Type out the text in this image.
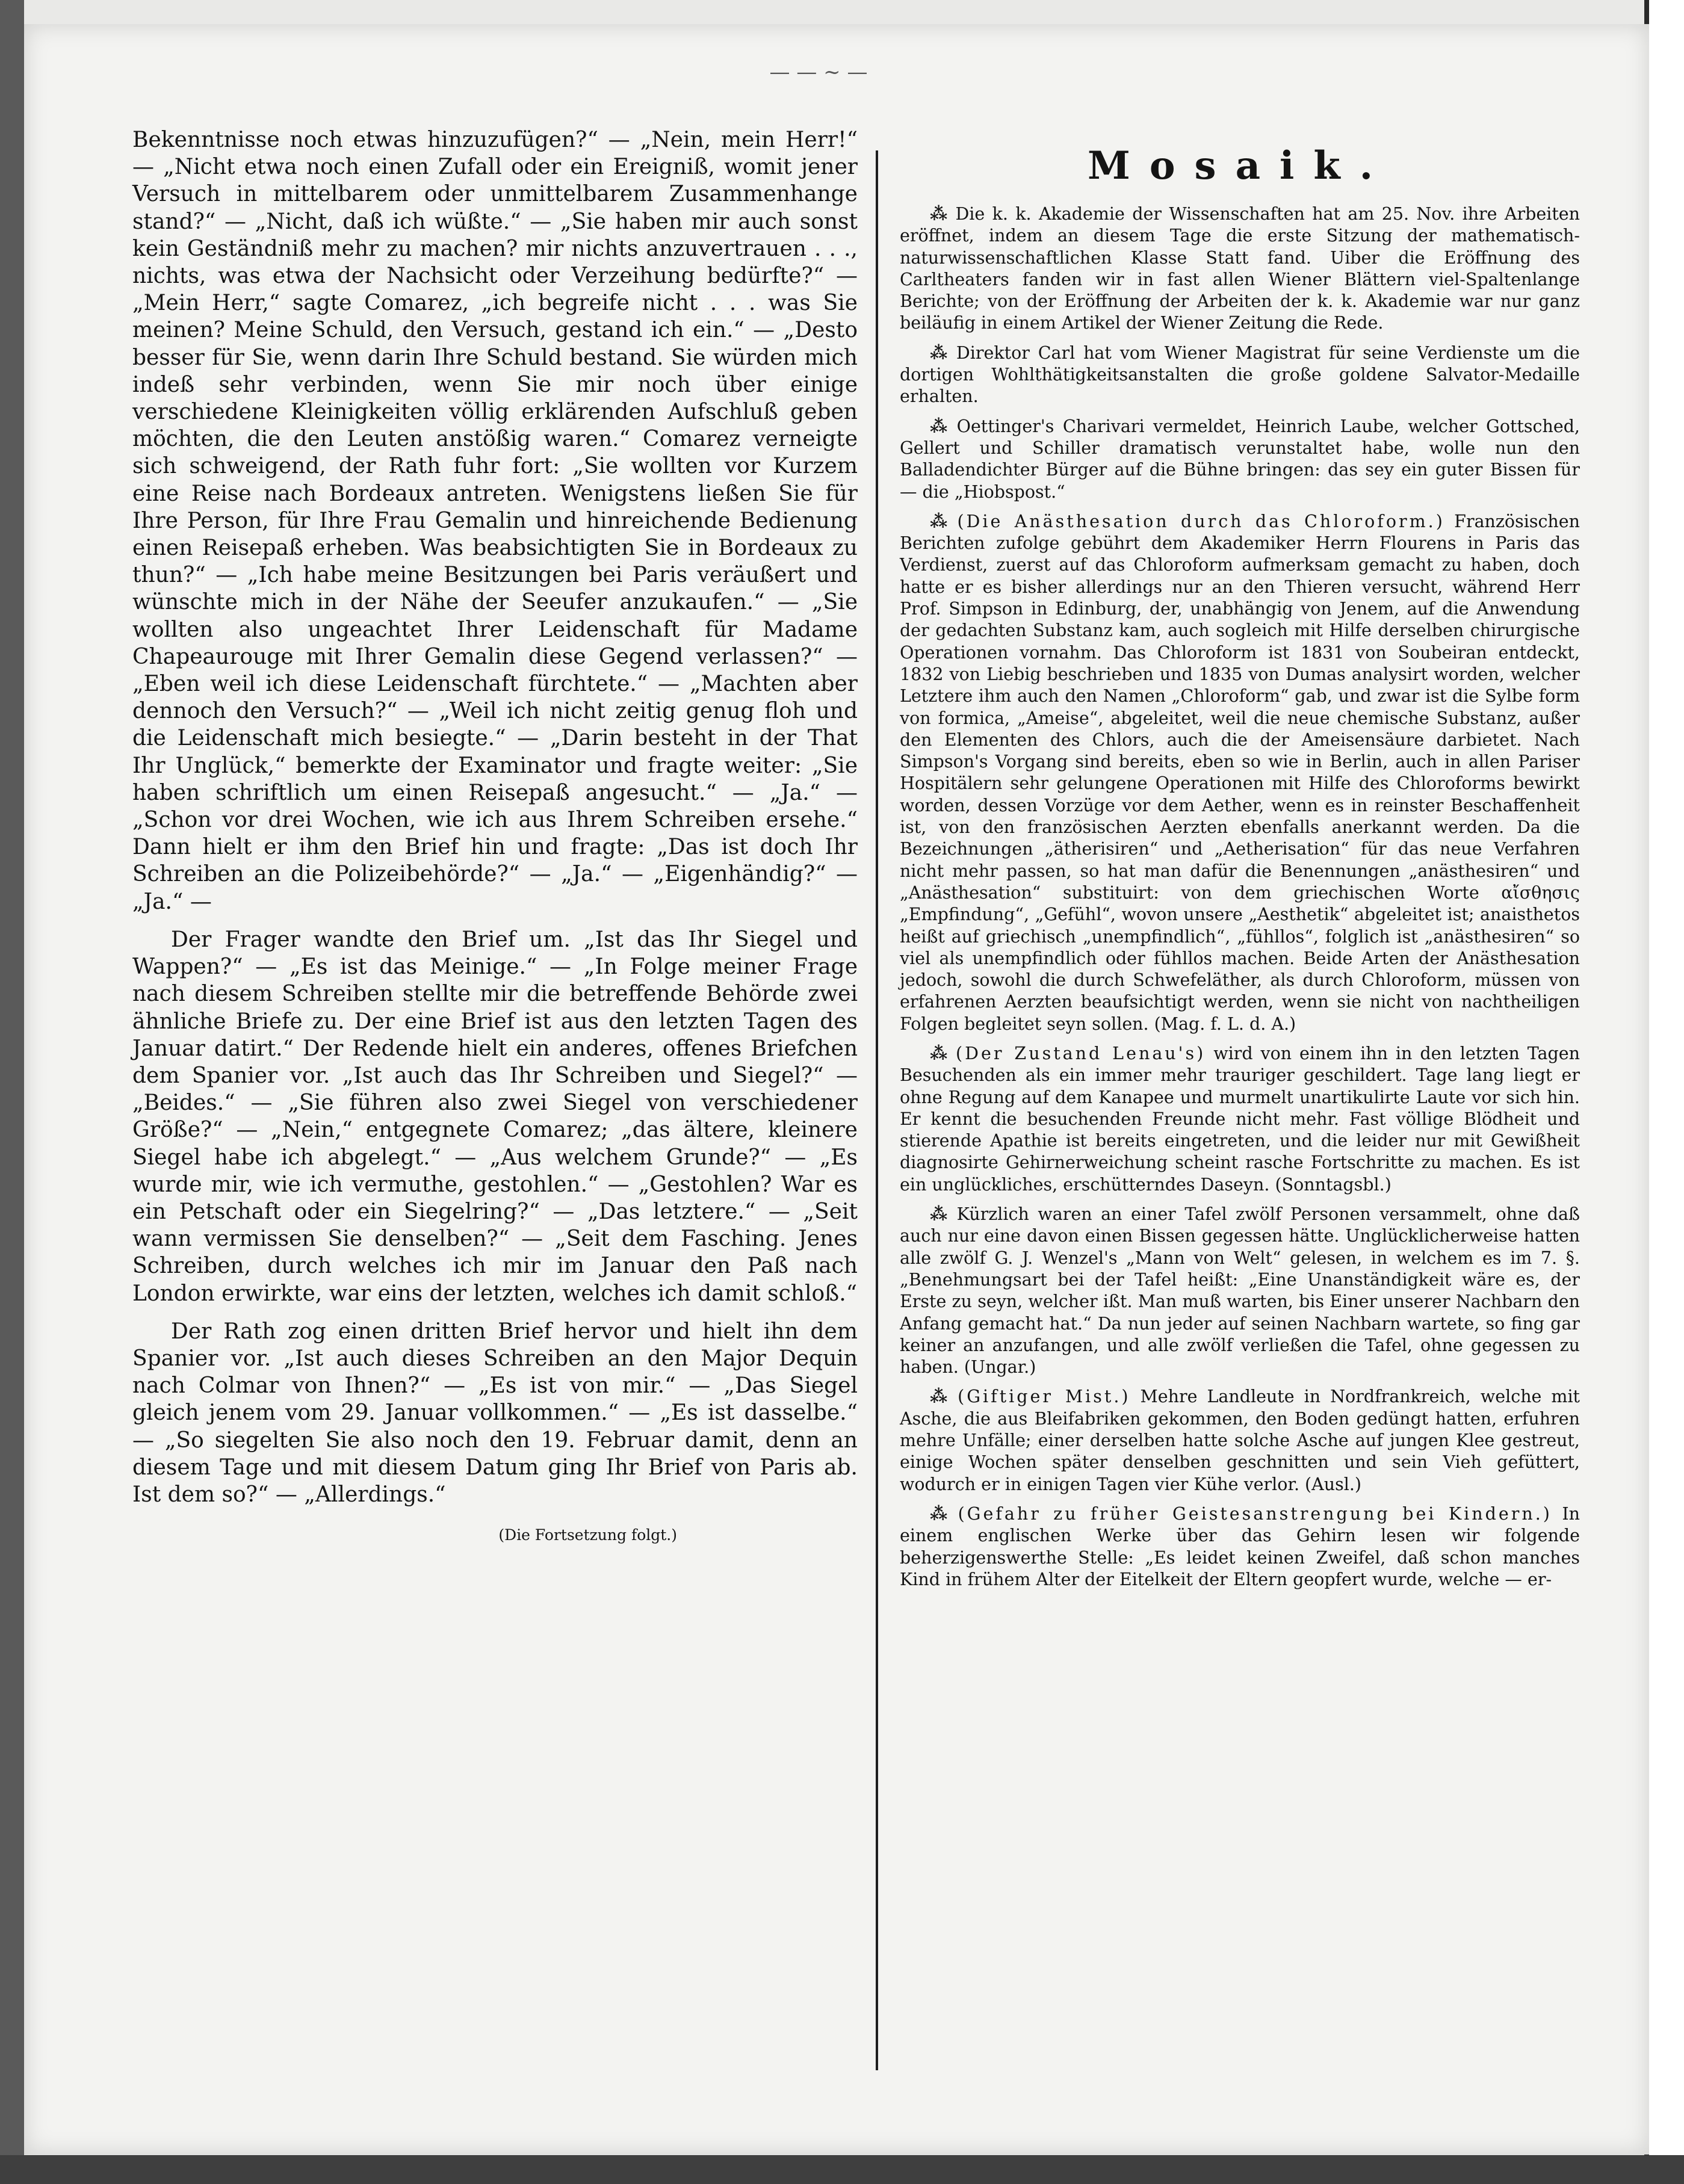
— — ~ —

Bekenntnisse noch etwas hinzuzufügen?“ — „Nein, mein Herr!“ — „Nicht etwa noch einen Zufall oder ein Ereigniß, womit jener Versuch in mittelbarem oder unmittelbarem Zusammenhange stand?“ — „Nicht, daß ich wüßte.“ — „Sie haben mir auch sonst kein Geständniß mehr zu machen? mir nichts anzuvertrauen . . ., nichts, was etwa der Nachsicht oder Verzeihung bedürfte?“ — „Mein Herr,“ sagte Comarez, „ich begreife nicht . . . was Sie meinen? Meine Schuld, den Versuch, gestand ich ein.“ — „Desto besser für Sie, wenn darin Ihre Schuld bestand. Sie würden mich indeß sehr verbinden, wenn Sie mir noch über einige verschiedene Kleinigkeiten völlig erklärenden Aufschluß geben möchten, die den Leuten anstößig waren.“ Comarez verneigte sich schweigend, der Rath fuhr fort: „Sie wollten vor Kurzem eine Reise nach Bordeaux antreten. Wenigstens ließen Sie für Ihre Person, für Ihre Frau Gemalin und hinreichende Bedienung einen Reisepaß erheben. Was beabsichtigten Sie in Bordeaux zu thun?“ — „Ich habe meine Besitzungen bei Paris veräußert und wünschte mich in der Nähe der Seeufer anzukaufen.“ — „Sie wollten also ungeachtet Ihrer Leidenschaft für Madame Chapeaurouge mit Ihrer Gemalin diese Gegend verlassen?“ — „Eben weil ich diese Leidenschaft fürchtete.“ — „Machten aber dennoch den Versuch?“ — „Weil ich nicht zeitig genug floh und die Leidenschaft mich besiegte.“ — „Darin besteht in der That Ihr Unglück,“ bemerkte der Examinator und fragte weiter: „Sie haben schriftlich um einen Reisepaß angesucht.“ — „Ja.“ — „Schon vor drei Wochen, wie ich aus Ihrem Schreiben ersehe.“ Dann hielt er ihm den Brief hin und fragte: „Das ist doch Ihr Schreiben an die Polizeibehörde?“ — „Ja.“ — „Eigenhändig?“ — „Ja.“ —

Der Frager wandte den Brief um. „Ist das Ihr Siegel und Wappen?“ — „Es ist das Meinige.“ — „In Folge meiner Frage nach diesem Schreiben stellte mir die betreffende Behörde zwei ähnliche Briefe zu. Der eine Brief ist aus den letzten Tagen des Januar datirt.“ Der Redende hielt ein anderes, offenes Briefchen dem Spanier vor. „Ist auch das Ihr Schreiben und Siegel?“ — „Beides.“ — „Sie führen also zwei Siegel von verschiedener Größe?“ — „Nein,“ entgegnete Comarez; „das ältere, kleinere Siegel habe ich abgelegt.“ — „Aus welchem Grunde?“ — „Es wurde mir, wie ich vermuthe, gestohlen.“ — „Gestohlen? War es ein Petschaft oder ein Siegelring?“ — „Das letztere.“ — „Seit wann vermissen Sie denselben?“ — „Seit dem Fasching. Jenes Schreiben, durch welches ich mir im Januar den Paß nach London erwirkte, war eins der letzten, welches ich damit schloß.“

Der Rath zog einen dritten Brief hervor und hielt ihn dem Spanier vor. „Ist auch dieses Schreiben an den Major Dequin nach Colmar von Ihnen?“ — „Es ist von mir.“ — „Das Siegel gleich jenem vom 29. Januar vollkommen.“ — „Es ist dasselbe.“ — „So siegelten Sie also noch den 19. Februar damit, denn an diesem Tage und mit diesem Datum ging Ihr Brief von Paris ab. Ist dem so?“ — „Allerdings.“

(Die Fortsetzung folgt.)
Mosaik.

⁂ Die k. k. Akademie der Wissenschaften hat am 25. Nov. ihre Arbeiten eröffnet, indem an diesem Tage die erste Sitzung der mathematisch-naturwissenschaftlichen Klasse Statt fand. Uiber die Eröffnung des Carltheaters fanden wir in fast allen Wiener Blättern viel-Spaltenlange Berichte; von der Eröffnung der Arbeiten der k. k. Akademie war nur ganz beiläufig in einem Artikel der Wiener Zeitung die Rede.

⁂ Direktor Carl hat vom Wiener Magistrat für seine Verdienste um die dortigen Wohlthätigkeitsanstalten die große goldene Salvator-Medaille erhalten.

⁂ Oettinger's Charivari vermeldet, Heinrich Laube, welcher Gottsched, Gellert und Schiller dramatisch verunstaltet habe, wolle nun den Balladendichter Bürger auf die Bühne bringen: das sey ein guter Bissen für — die „Hiobspost.“

⁂ (Die Anästhesation durch das Chloroform.) Französischen Berichten zufolge gebührt dem Akademiker Herrn Flourens in Paris das Verdienst, zuerst auf das Chloroform aufmerksam gemacht zu haben, doch hatte er es bisher allerdings nur an den Thieren versucht, während Herr Prof. Simpson in Edinburg, der, unabhängig von Jenem, auf die Anwendung der gedachten Substanz kam, auch sogleich mit Hilfe derselben chirurgische Operationen vornahm. Das Chloroform ist 1831 von Soubeiran entdeckt, 1832 von Liebig beschrieben und 1835 von Dumas analysirt worden, welcher Letztere ihm auch den Namen „Chloroform“ gab, und zwar ist die Sylbe form von formica, „Ameise“, abgeleitet, weil die neue chemische Substanz, außer den Elementen des Chlors, auch die der Ameisensäure darbietet. Nach Simpson's Vorgang sind bereits, eben so wie in Berlin, auch in allen Pariser Hospitälern sehr gelungene Operationen mit Hilfe des Chloroforms bewirkt worden, dessen Vorzüge vor dem Aether, wenn es in reinster Beschaffenheit ist, von den französischen Aerzten ebenfalls anerkannt werden. Da die Bezeichnungen „ätherisiren“ und „Aetherisation“ für das neue Verfahren nicht mehr passen, so hat man dafür die Benennungen „anästhesiren“ und „Anästhesation“ substituirt: von dem griechischen Worte αἴσθησις „Empfindung“, „Gefühl“, wovon unsere „Aesthetik“ abgeleitet ist; anaisthetos heißt auf griechisch „unempfindlich“, „fühllos“, folglich ist „anästhesiren“ so viel als unempfindlich oder fühllos machen. Beide Arten der Anästhesation jedoch, sowohl die durch Schwefeläther, als durch Chloroform, müssen von erfahrenen Aerzten beaufsichtigt werden, wenn sie nicht von nachtheiligen Folgen begleitet seyn sollen. (Mag. f. L. d. A.)

⁂ (Der Zustand Lenau's) wird von einem ihn in den letzten Tagen Besuchenden als ein immer mehr trauriger geschildert. Tage lang liegt er ohne Regung auf dem Kanapee und murmelt unartikulirte Laute vor sich hin. Er kennt die besuchenden Freunde nicht mehr. Fast völlige Blödheit und stierende Apathie ist bereits eingetreten, und die leider nur mit Gewißheit diagnosirte Gehirnerweichung scheint rasche Fortschritte zu machen. Es ist ein unglückliches, erschütterndes Daseyn. (Sonntagsbl.)

⁂ Kürzlich waren an einer Tafel zwölf Personen versammelt, ohne daß auch nur eine davon einen Bissen gegessen hätte. Unglücklicherweise hatten alle zwölf G. J. Wenzel's „Mann von Welt“ gelesen, in welchem es im 7. §. „Benehmungsart bei der Tafel heißt: „Eine Unanständigkeit wäre es, der Erste zu seyn, welcher ißt. Man muß warten, bis Einer unserer Nachbarn den Anfang gemacht hat.“ Da nun jeder auf seinen Nachbarn wartete, so fing gar keiner an anzufangen, und alle zwölf verließen die Tafel, ohne gegessen zu haben. (Ungar.)

⁂ (Giftiger Mist.) Mehre Landleute in Nordfrankreich, welche mit Asche, die aus Bleifabriken gekommen, den Boden gedüngt hatten, erfuhren mehre Unfälle; einer derselben hatte solche Asche auf jungen Klee gestreut, einige Wochen später denselben geschnitten und sein Vieh gefüttert, wodurch er in einigen Tagen vier Kühe verlor. (Ausl.)

⁂ (Gefahr zu früher Geistesanstrengung bei Kindern.) In einem englischen Werke über das Gehirn lesen wir folgende beherzigenswerthe Stelle: „Es leidet keinen Zweifel, daß schon manches Kind in frühem Alter der Eitelkeit der Eltern geopfert wurde, welche — er-
